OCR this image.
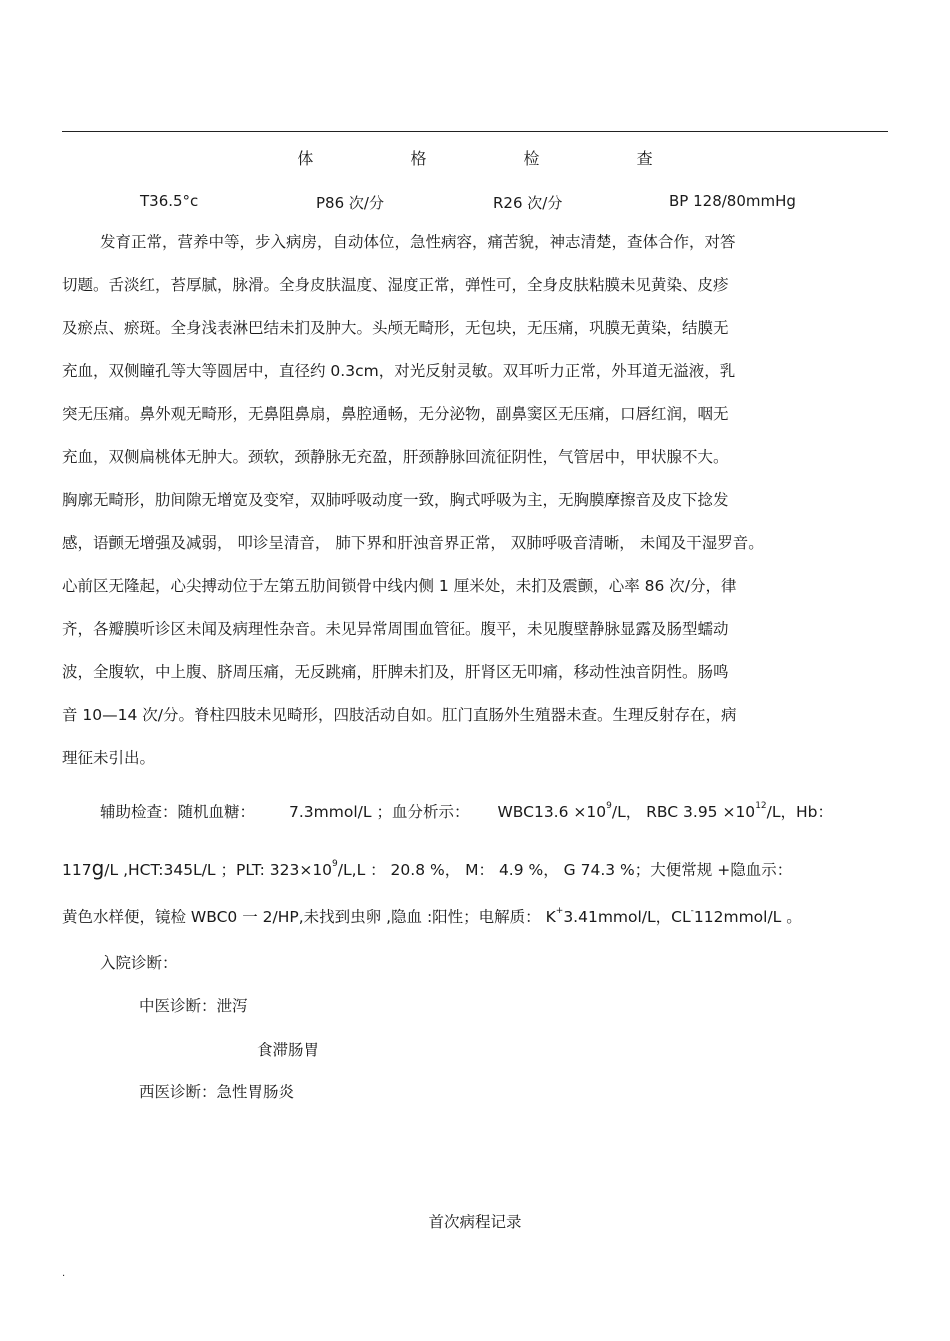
体 格 检 查
T36.5°c	P86 次/分	R26 次/分	BP 128/80mmHg
发育正常，营养中等，步入病房，自动体位，急性病容，痛苦貌，神志清楚，查体合作，对答
切题。舌淡红，苔厚腻，脉滑。全身皮肤温度、湿度正常，弹性可，全身皮肤粘膜未见黄染、皮疹
及瘀点、瘀斑。全身浅表淋巴结未扪及肿大。头颅无畸形，无包块，无压痛，巩膜无黄染，结膜无
充血，双侧瞳孔等大等圆居中，直径约 0.3cm，对光反射灵敏。双耳听力正常，外耳道无溢液，乳
突无压痛。鼻外观无畸形，无鼻阻鼻扇，鼻腔通畅，无分泌物，副鼻窦区无压痛，口唇红润，咽无
充血，双侧扁桃体无肿大。颈软，颈静脉无充盈，肝颈静脉回流征阴性，气管居中，甲状腺不大。
胸廓无畸形，肋间隙无增宽及变窄，双肺呼吸动度一致，胸式呼吸为主，无胸膜摩擦音及皮下捻发
感，语颤无增强及减弱， 叩诊呈清音， 肺下界和肝浊音界正常， 双肺呼吸音清晰， 未闻及干湿罗音。
心前区无隆起，心尖搏动位于左第五肋间锁骨中线内侧 1 厘米处，未扪及震颤，心率 86 次/分，律
齐，各瓣膜听诊区未闻及病理性杂音。未见异常周围血管征。腹平，未见腹壁静脉显露及肠型蠕动
波，全腹软，中上腹、脐周压痛，无反跳痛，肝脾未扪及，肝肾区无叩痛，移动性浊音阴性。肠鸣
音 10—14 次/分。脊柱四肢未见畸形，四肢活动自如。肛门直肠外生殖器未查。生理反射存在，病
理征未引出。
辅助检查：随机血糖： 7.3mmol/L ；血分析示： $WBC13.6 \times 10^9/L$， RBC $3.95 \times 10^{12}/L$，Hb：
117g/L ,HCT:345L/L ；PLT: $323\times 10^9/L,L$ ： 20.8 %， M： 4.9 %， G 74.3 %；大便常规 +隐血示：
黄色水样便，镜检 WBC0 一 2/HP,未找到虫卵 ,隐血 :阳性；电解质： K+3.41mmol/L，CL-112mmol/L 。
入院诊断：
中医诊断：泄泻
食滞肠胃
西医诊断：急性胃肠炎
首次病程记录
.
